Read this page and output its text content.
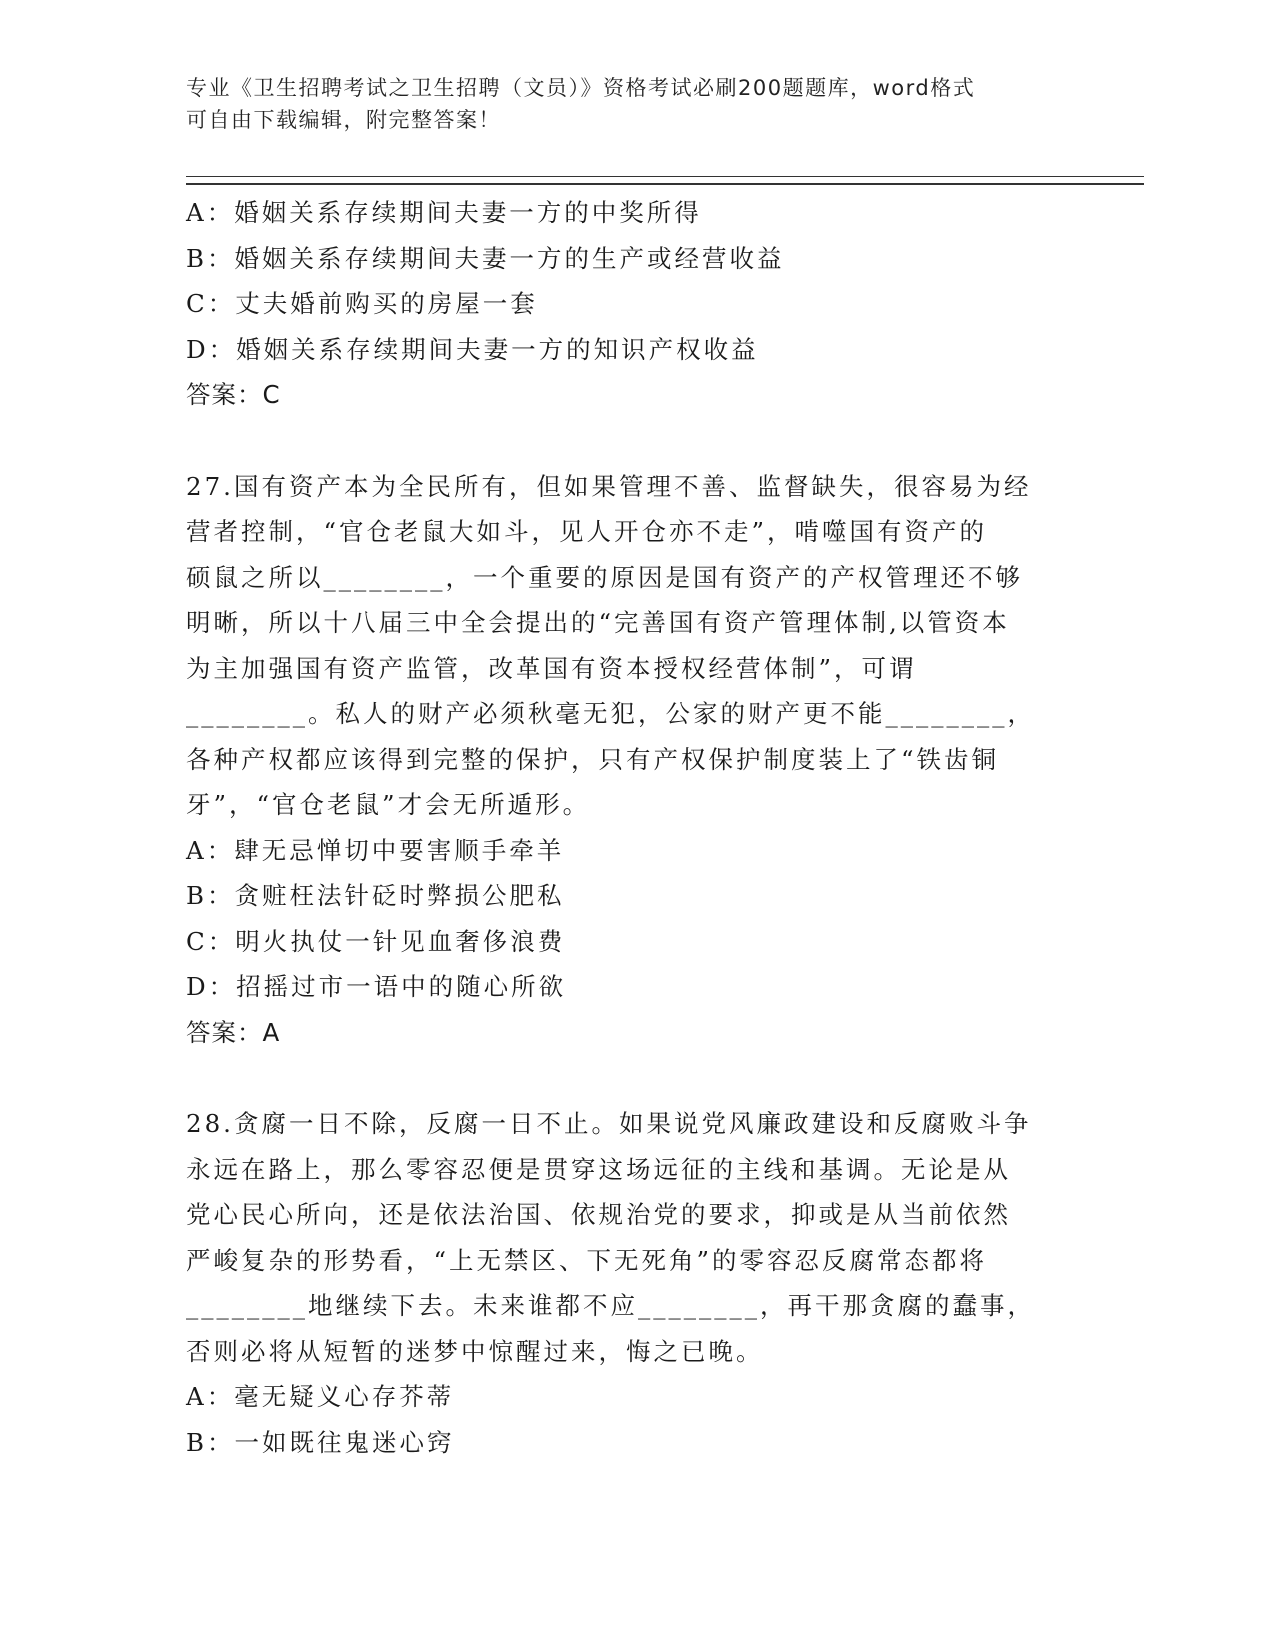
专业《卫生招聘考试之卫生招聘（文员）》资格考试必刷200题题库，word格式
可自由下载编辑，附完整答案！
A：婚姻关系存续期间夫妻一方的中奖所得
B：婚姻关系存续期间夫妻一方的生产或经营收益
C：丈夫婚前购买的房屋一套
D：婚姻关系存续期间夫妻一方的知识产权收益
答案：C
27.国有资产本为全民所有，但如果管理不善、监督缺失，很容易为经
营者控制，“官仓老鼠大如斗，见人开仓亦不走”，啃噬国有资产的
硕鼠之所以________，一个重要的原因是国有资产的产权管理还不够
明晰，所以十八届三中全会提出的“完善国有资产管理体制,以管资本
为主加强国有资产监管，改革国有资本授权经营体制”，可谓
________。私人的财产必须秋毫无犯，公家的财产更不能________，
各种产权都应该得到完整的保护，只有产权保护制度装上了“铁齿铜
牙”，“官仓老鼠”才会无所遁形。
A：肆无忌惮切中要害顺手牵羊
B：贪赃枉法针砭时弊损公肥私
C：明火执仗一针见血奢侈浪费
D：招摇过市一语中的随心所欲
答案：A
28.贪腐一日不除，反腐一日不止。如果说党风廉政建设和反腐败斗争
永远在路上，那么零容忍便是贯穿这场远征的主线和基调。无论是从
党心民心所向，还是依法治国、依规治党的要求，抑或是从当前依然
严峻复杂的形势看，“上无禁区、下无死角”的零容忍反腐常态都将
________地继续下去。未来谁都不应________，再干那贪腐的蠢事，
否则必将从短暂的迷梦中惊醒过来，悔之已晚。
A：毫无疑义心存芥蒂
B：一如既往鬼迷心窍
